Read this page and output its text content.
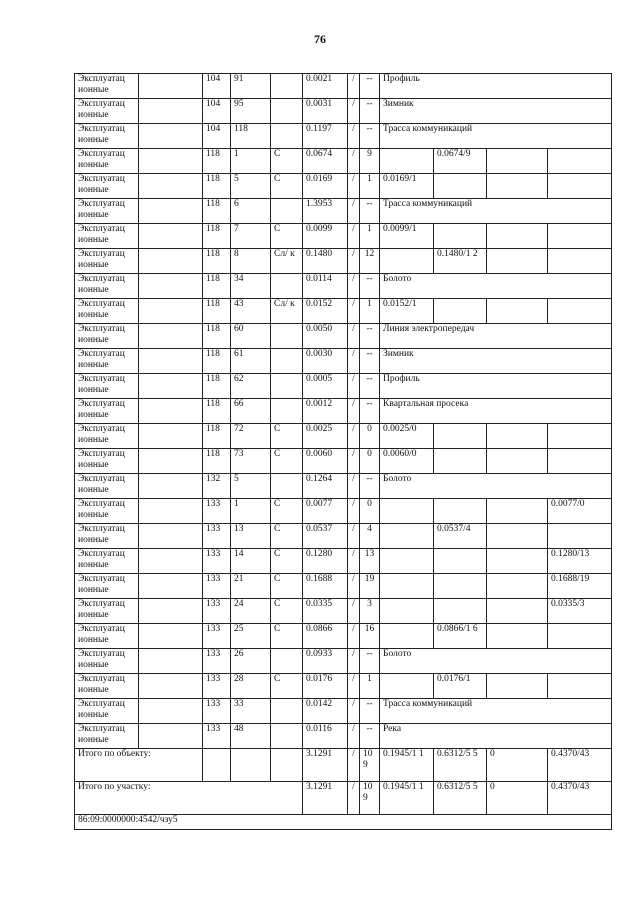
76
Эксплуатац ионные		104	91		0.0021	/	--	Профиль			
Эксплуатац ионные		104	95		0.0031	/	--	Зимник			
Эксплуатац ионные		104	118		0.1197	/	--	Трасса коммуникаций			
Эксплуатац ионные		118	1	С	0.0674	/	9		0.0674/9		
Эксплуатац ионные		118	5	С	0.0169	/	1	0.0169/1			
Эксплуатац ионные		118	6		1.3953	/	--	Трасса коммуникаций			
Эксплуатац ионные		118	7	С	0.0099	/	1	0.0099/1			
Эксплуатац ионные		118	8	Сл/ к	0.1480	/	12		0.1480/1 2		
Эксплуатац ионные		118	34		0.0114	/	--	Болото			
Эксплуатац ионные		118	43	Сл/ к	0.0152	/	1	0.0152/1			
Эксплуатац ионные		118	60		0.0050	/	--	Линия электропередач			
Эксплуатац ионные		118	61		0.0030	/	--	Зимник			
Эксплуатац ионные		118	62		0.0005	/	--	Профиль			
Эксплуатац ионные		118	66		0.0012	/	--	Квартальная просека			
Эксплуатац ионные		118	72	С	0.0025	/	0	0.0025/0			
Эксплуатац ионные		118	73	С	0.0060	/	0	0.0060/0			
Эксплуатац ионные		132	5		0.1264	/	--	Болото			
Эксплуатац ионные		133	1	С	0.0077	/	0				0.0077/0
Эксплуатац ионные		133	13	С	0.0537	/	4		0.0537/4		
Эксплуатац ионные		133	14	С	0.1280	/	13				0.1280/13
Эксплуатац ионные		133	21	С	0.1688	/	19				0.1688/19
Эксплуатац ионные		133	24	С	0.0335	/	3				0.0335/3
Эксплуатац ионные		133	25	С	0.0866	/	16		0.0866/1 6		
Эксплуатац ионные		133	26		0.0933	/	--	Болото			
Эксплуатац ионные		133	28	С	0.0176	/	1		0.0176/1		
Эксплуатац ионные		133	33		0.0142	/	--	Трасса коммуникаций			
Эксплуатац ионные		133	48		0.0116	/	--	Река			
Итого по объекту:					3.1291	/	10 9	0.1945/1 1	0.6312/5 5	0	0.4370/43
Итого по участку:					3.1291	/	10 9	0.1945/1 1	0.6312/5 5	0	0.4370/43
86:09:0000000:4542/чзу5											
